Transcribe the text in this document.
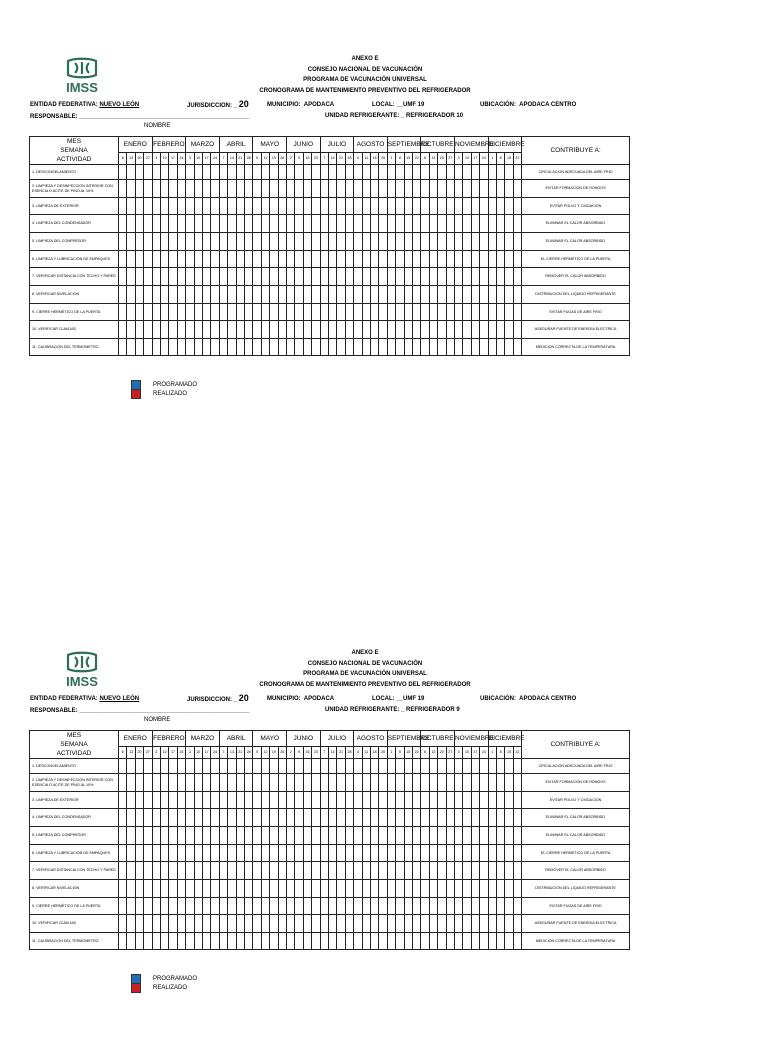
IMSS
ANEXO E
CONSEJO NACIONAL DE VACUNACIÓN
PROGRAMA DE VACUNACIÓN UNIVERSAL
CRONOGRAMA DE MANTENIMIENTO PREVENTIVO DEL REFRIGERADOR
ENTIDAD FEDERATIVA: NUEVO LEÓN	JURISDICCION: _ 20	MUNICIPIO: APODACA	LOCAL: __UMF 19	UBICACIÓN: APODACA CENTRO
RESPONSABLE: ___________________________________________________	UNIDAD REFRIGERANTE: _ REFRIGERADOR 10
NOMBRE
MES
SEMANA
ACTIVIDAD	ENERO				FEBRERO				MARZO				ABRIL				MAYO				JUNIO				JULIO				AGOSTO				SEPTIEMBRE				OCTUBRE				NOVIEMBRE				DICIEMBRE				CONTRIBUYE A:
	6	13	20	27	3	10	17	24	3	10	17	24	7	14	21	28	5	12	19	26	2	9	16	23	7	14	21	28	4	11	18	25	1	8	15	22	6	13	20	27	3	10	17	24	1	8	15	22	
1. DESCONGELAMIENTO																																																	CIRCULACION ADECUADA DEL AIRE FRIO
2. LIMPIEZA Y DESINFECCION INTERIOR CON ESENCIA O ACITE DE PINO AL 10%																																																	EVITAR FORMACION DE HONGOS
3. LIMPIEZA DE EXTERIOR																																																	EVITAR POLVO Y OXIDACION
4. LIMPIEZA DEL CONDENSADOR																																																	ELIMINAR EL CALOR ABSORBIDO
5. LIMPIEZA DEL COMPRESOR																																																	ELIMINAR EL CALOR ABSORBIDO
6. LIMPIEZA Y LUBRICACION DE EMPAQUES																																																	EL CIERRE HERMETICO DE LA PUERTA
7. VERIFICAR DISTANCIA CON TECHO Y PARED																																																	REMOVER EL CALOR ABSORBIDO
8. VERIFICAR NIVELACION																																																	DISTRIBUCION DEL LIQUIDO REFRIGERANTE
9. CIERRE HERMÉTICO DE LA PUERTA																																																	EVITAR FUGAS DE AIRE FRIO
10. VERIFICAR CLAVIJAS																																																	ASEGURAR FUENTE DE ENERGIA ELECTRICA
11. CALIBRACION DEL TERMOMETRO																																																	MEDICION CORRECTA DE LA TEMPERATURA
PROGRAMADO
REALIZADO
IMSS
ANEXO E
CONSEJO NACIONAL DE VACUNACIÓN
PROGRAMA DE VACUNACIÓN UNIVERSAL
CRONOGRAMA DE MANTENIMIENTO PREVENTIVO DEL REFRIGERADOR
ENTIDAD FEDERATIVA: NUEVO LEÓN	JURISDICCION: _ 20	MUNICIPIO: APODACA	LOCAL: __UMF 19	UBICACIÓN: APODACA CENTRO
RESPONSABLE: ___________________________________________________	UNIDAD REFRIGERANTE: _ REFRIGERADOR 9
NOMBRE
MES
SEMANA
ACTIVIDAD	ENERO				FEBRERO				MARZO				ABRIL				MAYO				JUNIO				JULIO				AGOSTO				SEPTIEMBRE				OCTUBRE				NOVIEMBRE				DICIEMBRE				CONTRIBUYE A:
	6	13	20	27	3	10	17	24	3	10	17	24	7	14	21	28	5	12	19	26	2	9	16	23	7	14	21	28	4	11	18	25	1	8	15	22	6	13	20	27	3	10	17	24	1	8	15	22	
1. DESCONGELAMIENTO																																																	CIRCULACION ADECUADA DEL AIRE FRIO
2. LIMPIEZA Y DESINFECCION INTERIOR CON ESENCIA O ACITE DE PINO AL 10%																																																	EVITAR FORMACION DE HONGOS
3. LIMPIEZA DE EXTERIOR																																																	EVITAR POLVO Y OXIDACION
4. LIMPIEZA DEL CONDENSADOR																																																	ELIMINAR EL CALOR ABSORBIDO
5. LIMPIEZA DEL COMPRESOR																																																	ELIMINAR EL CALOR ABSORBIDO
6. LIMPIEZA Y LUBRICACION DE EMPAQUES																																																	EL CIERRE HERMETICO DE LA PUERTA
7. VERIFICAR DISTANCIA CON TECHO Y PARED																																																	REMOVER EL CALOR ABSORBIDO
8. VERIFICAR NIVELACION																																																	DISTRIBUCION DEL LIQUIDO REFRIGERANTE
9. CIERRE HERMÉTICO DE LA PUERTA																																																	EVITAR FUGAS DE AIRE FRIO
10. VERIFICAR CLAVIJAS																																																	ASEGURAR FUENTE DE ENERGIA ELECTRICA
11. CALIBRACION DEL TERMOMETRO																																																	MEDICION CORRECTA DE LA TEMPERATURA
PROGRAMADO
REALIZADO
